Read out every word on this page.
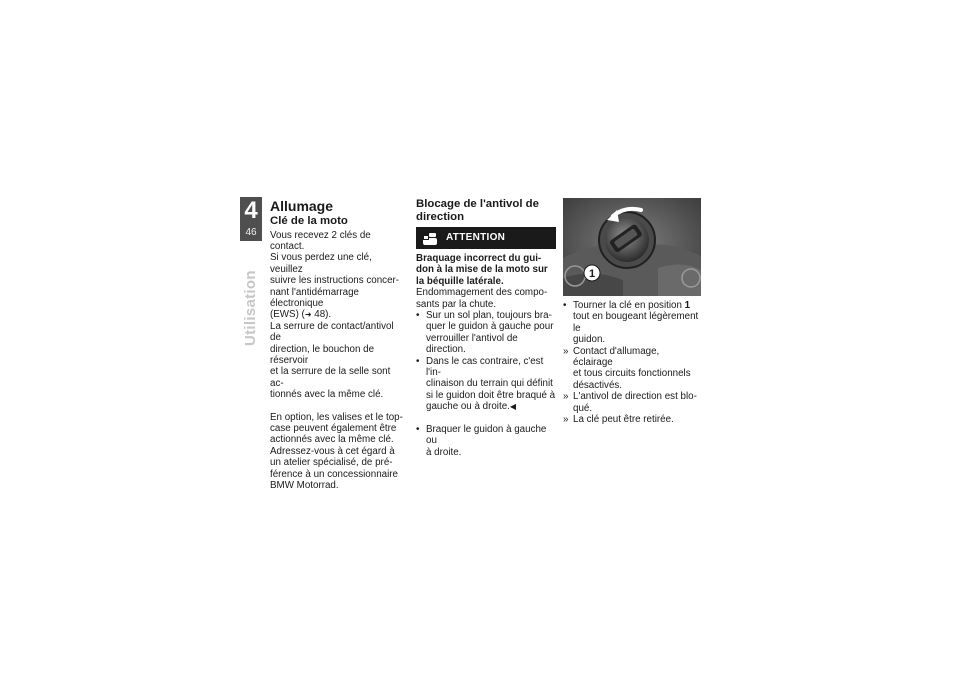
4
46
Utilisation
Allumage
Clé de la moto

Vous recevez 2 clés de contact.
Si vous perdez une clé, veuillez
suivre les instructions concer-
nant l'antidémarrage électronique
(EWS) (➜ 48).
La serrure de contact/antivol de
direction, le bouchon de réservoir
et la serrure de la selle sont ac-
tionnés avec la même clé.

En option, les valises et le top-
case peuvent également être
actionnés avec la même clé.
Adressez-vous à cet égard à
un atelier spécialisé, de pré-
férence à un concessionnaire
BMW Motorrad.

Blocage de l'antivol de
direction
ATTENTION

Braquage incorrect du gui-
don à la mise de la moto sur
la béquille latérale.

Endommagement des compo-
sants par la chute.

• Sur un sol plan, toujours bra-
quer le guidon à gauche pour
verrouiller l'antivol de direction.
• Dans le cas contraire, c'est l'in-
clinaison du terrain qui définit
si le guidon doit être braqué à
gauche ou à droite.◀
• Braquer le guidon à gauche ou
à droite.
1
• Tourner la clé en position 1
tout en bougeant légèrement le
guidon.
» Contact d'allumage, éclairage
et tous circuits fonctionnels
désactivés.
» L'antivol de direction est blo-
qué.
» La clé peut être retirée.
